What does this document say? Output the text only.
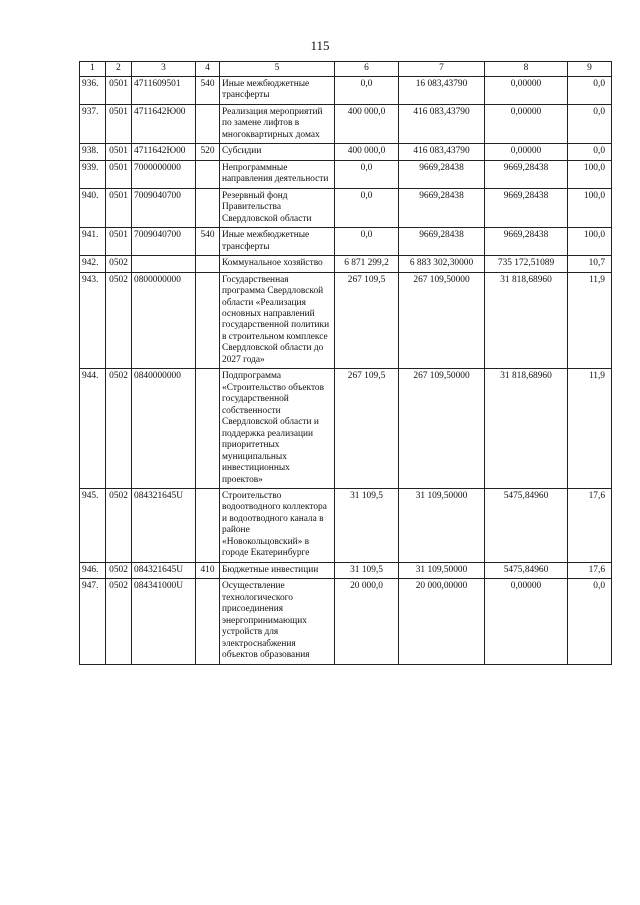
115
1	2	3	4	5	6	7	8	9
936.	0501	4711609501	540	Иные межбюджетные трансферты	0,0	16 083,43790	0,00000	0,0
937.	0501	4711642Ю00		Реализация мероприятий по замене лифтов в многоквартирных домах	400 000,0	416 083,43790	0,00000	0,0
938.	0501	4711642Ю00	520	Субсидии	400 000,0	416 083,43790	0,00000	0,0
939.	0501	7000000000		Непрограммные направления деятельности	0,0	9669,28438	9669,28438	100,0
940.	0501	7009040700		Резервный фонд Правительства Свердловской области	0,0	9669,28438	9669,28438	100,0
941.	0501	7009040700	540	Иные межбюджетные трансферты	0,0	9669,28438	9669,28438	100,0
942.	0502			Коммунальное хозяйство	6 871 299,2	6 883 302,30000	735 172,51089	10,7
943.	0502	0800000000		Государственная программа Свердловской области «Реализация основных направлений государственной политики в строительном комплексе Свердловской области до 2027 года»	267 109,5	267 109,50000	31 818,68960	11,9
944.	0502	0840000000		Подпрограмма «Строительство объектов государственной собственности Свердловской области и поддержка реализации приоритетных муниципальных инвестиционных проектов»	267 109,5	267 109,50000	31 818,68960	11,9
945.	0502	084321645U		Строительство водоотводного коллектора и водоотводного канала в районе «Новокольцовский» в городе Екатеринбурге	31 109,5	31 109,50000	5475,84960	17,6
946.	0502	084321645U	410	Бюджетные инвестиции	31 109,5	31 109,50000	5475,84960	17,6
947.	0502	084341000U		Осуществление технологического присоединения энергопринимающих устройств для электроснабжения объектов образования	20 000,0	20 000,00000	0,00000	0,0
